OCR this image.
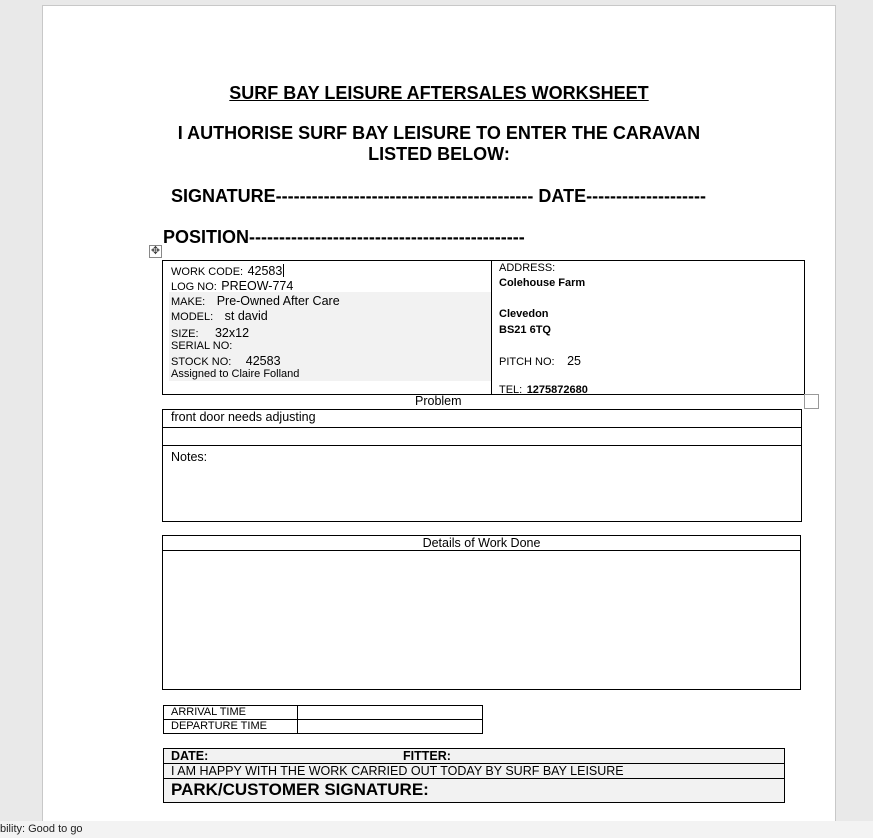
SURF BAY LEISURE AFTERSALES WORKSHEET
I AUTHORISE SURF BAY LEISURE TO ENTER THE CARAVAN
LISTED BELOW:
SIGNATURE------------------------------------------- DATE--------------------
POSITION----------------------------------------------
✥
WORK CODE: 42583
LOG NO: PREOW-774
MAKE: Pre-Owned After Care
MODEL: st david
SIZE: 32x12
SERIAL NO:
STOCK NO: 42583
Assigned to Claire Folland
ADDRESS:
Colehouse Farm
Clevedon
BS21 6TQ
PITCH NO: 25
TEL: 1275872680
Problem
front door needs adjusting
Notes:
Details of Work Done
ARRIVAL TIME
DEPARTURE TIME
DATE:	FITTER:
I AM HAPPY WITH THE WORK CARRIED OUT TODAY BY SURF BAY LEISURE
PARK/CUSTOMER SIGNATURE:
bility: Good to go
